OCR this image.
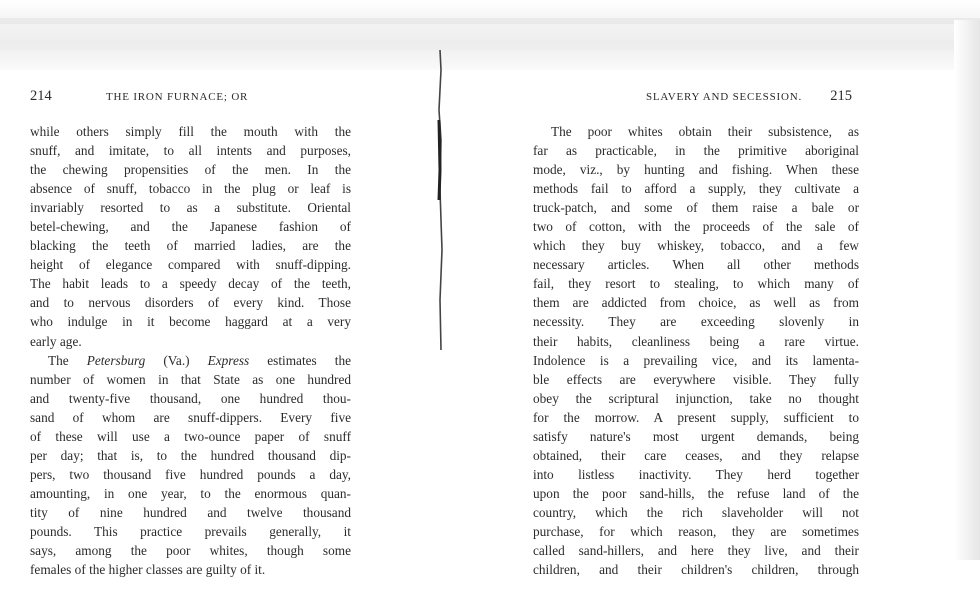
214	THE IRON FURNACE; OR
while others simply fill the mouth with the
snuff, and imitate, to all intents and purposes,
the chewing propensities of the men. In the
absence of snuff, tobacco in the plug or leaf is
invariably resorted to as a substitute. Oriental
betel-chewing, and the Japanese fashion of
blacking the teeth of married ladies, are the
height of elegance compared with snuff-dipping.
The habit leads to a speedy decay of the teeth,
and to nervous disorders of every kind. Those
who indulge in it become haggard at a very
early age.
The Petersburg (Va.) Express estimates the
number of women in that State as one hundred
and twenty-five thousand, one hundred thou-
sand of whom are snuff-dippers. Every five
of these will use a two-ounce paper of snuff
per day; that is, to the hundred thousand dip-
pers, two thousand five hundred pounds a day,
amounting, in one year, to the enormous quan-
tity of nine hundred and twelve thousand
pounds. This practice prevails generally, it
says, among the poor whites, though some
females of the higher classes are guilty of it.
SLAVERY AND SECESSION. 215
The poor whites obtain their subsistence, as
far as practicable, in the primitive aboriginal
mode, viz., by hunting and fishing. When these
methods fail to afford a supply, they cultivate a
truck-patch, and some of them raise a bale or
two of cotton, with the proceeds of the sale of
which they buy whiskey, tobacco, and a few
necessary articles. When all other methods
fail, they resort to stealing, to which many of
them are addicted from choice, as well as from
necessity. They are exceeding slovenly in
their habits, cleanliness being a rare virtue.
Indolence is a prevailing vice, and its lamenta-
ble effects are everywhere visible. They fully
obey the scriptural injunction, take no thought
for the morrow. A present supply, sufficient to
satisfy nature's most urgent demands, being
obtained, their care ceases, and they relapse
into listless inactivity. They herd together
upon the poor sand-hills, the refuse land of the
country, which the rich slaveholder will not
purchase, for which reason, they are sometimes
called sand-hillers, and here they live, and their
children, and their children's children, through
